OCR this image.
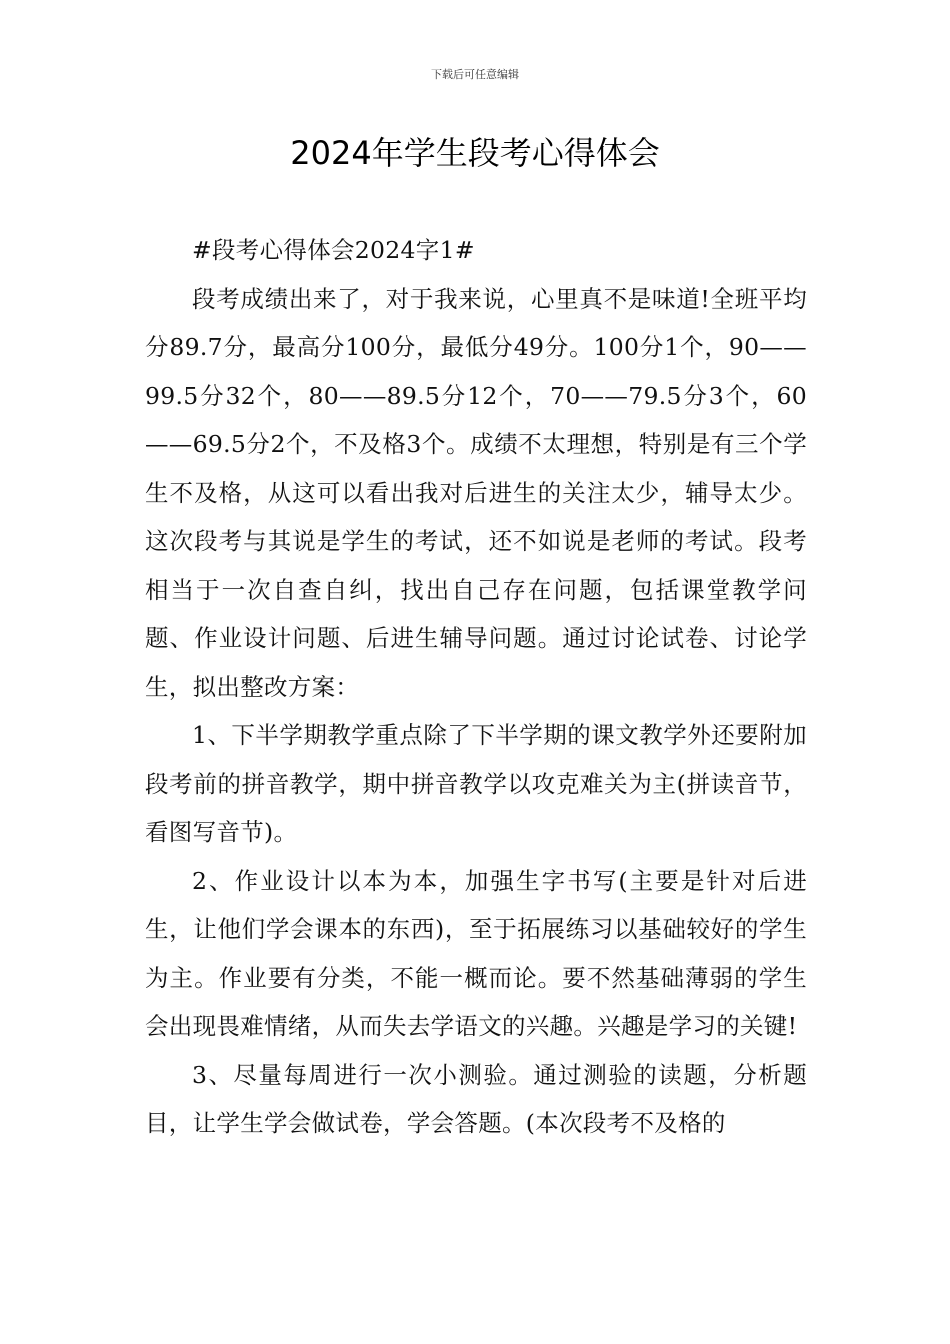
下载后可任意编辑
2024年学生段考心得体会

#段考心得体会2024字1#

段考成绩出来了，对于我来说，心里真不是味道!全班平均分89.7分，最高分100分，最低分49分。100分1个，90——99.5分32个，80——89.5分12个，70——79.5分3个，60——69.5分2个，不及格3个。成绩不太理想，特别是有三个学生不及格，从这可以看出我对后进生的关注太少，辅导太少。这次段考与其说是学生的考试，还不如说是老师的考试。段考相当于一次自查自纠，找出自己存在问题，包括课堂教学问题、作业设计问题、后进生辅导问题。通过讨论试卷、讨论学生，拟出整改方案：

1、下半学期教学重点除了下半学期的课文教学外还要附加段考前的拼音教学，期中拼音教学以攻克难关为主(拼读音节，看图写音节)。

2、作业设计以本为本，加强生字书写(主要是针对后进生，让他们学会课本的东西)，至于拓展练习以基础较好的学生为主。作业要有分类，不能一概而论。要不然基础薄弱的学生会出现畏难情绪，从而失去学语文的兴趣。兴趣是学习的关键!

3、尽量每周进行一次小测验。通过测验的读题，分析题目，让学生学会做试卷，学会答题。(本次段考不及格的
